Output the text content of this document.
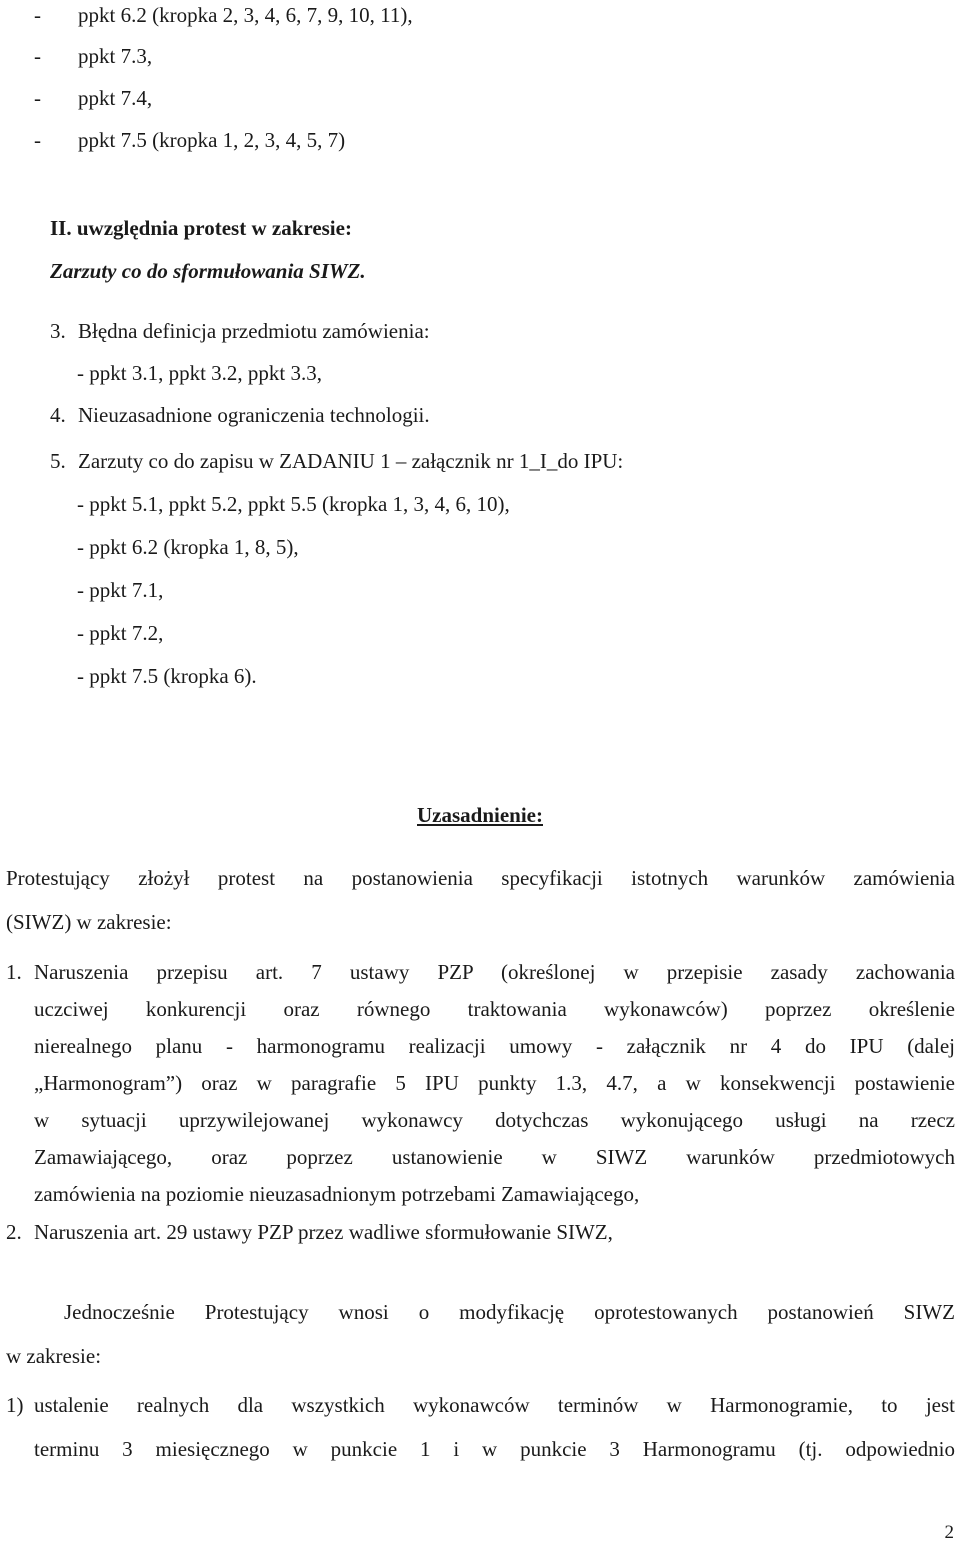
- ppkt 6.2 (kropka 2, 3, 4, 6, 7, 9, 10, 11),
- ppkt 7.3,
- ppkt 7.4,
- ppkt 7.5 (kropka 1, 2, 3, 4, 5, 7)
II. uwzględnia protest w zakresie:
Zarzuty co do sformułowania SIWZ.
3. Błędna definicja przedmiotu zamówienia:
- ppkt 3.1, ppkt 3.2, ppkt 3.3,
4. Nieuzasadnione ograniczenia technologii.
5. Zarzuty co do zapisu w ZADANIU 1 – załącznik nr 1_I_do IPU:
- ppkt 5.1, ppkt 5.2, ppkt 5.5 (kropka 1, 3, 4, 6, 10),
- ppkt 6.2 (kropka 1, 8, 5),
- ppkt 7.1,
- ppkt 7.2,
- ppkt 7.5 (kropka 6).
Uzasadnienie:
Protestujący złożył protest na postanowienia specyfikacji istotnych warunków zamówienia
(SIWZ) w zakresie:
1. Naruszenia przepisu art. 7 ustawy PZP (określonej w przepisie zasady zachowania
uczciwej konkurencji oraz równego traktowania wykonawców) poprzez określenie
nierealnego planu - harmonogramu realizacji umowy - załącznik nr 4 do IPU (dalej
„Harmonogram”) oraz w paragrafie 5 IPU punkty 1.3, 4.7, a w konsekwencji postawienie
w sytuacji uprzywilejowanej wykonawcy dotychczas wykonującego usługi na rzecz
Zamawiającego, oraz poprzez ustanowienie w SIWZ warunków przedmiotowych
zamówienia na poziomie nieuzasadnionym potrzebami Zamawiającego,
2. Naruszenia art. 29 ustawy PZP przez wadliwe sformułowanie SIWZ,
Jednocześnie Protestujący wnosi o modyfikację oprotestowanych postanowień SIWZ
w zakresie:
1) ustalenie realnych dla wszystkich wykonawców terminów w Harmonogramie, to jest
terminu 3 miesięcznego w punkcie 1 i w punkcie 3 Harmonogramu (tj. odpowiednio
2
